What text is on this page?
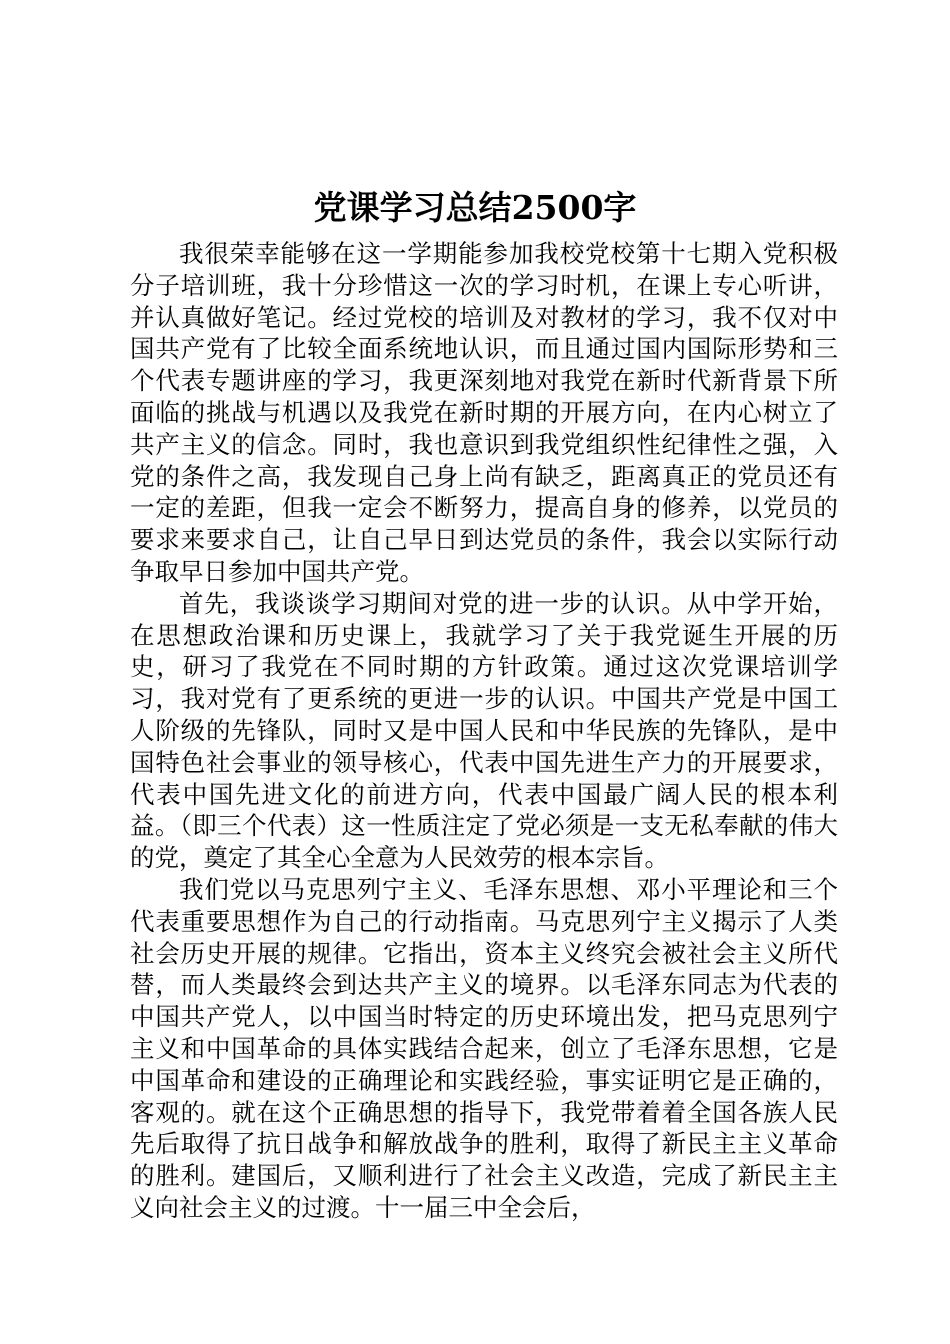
党课学习总结2500字

我很荣幸能够在这一学期能参加我校党校第十七期入党积极分子培训班，我十分珍惜这一次的学习时机，在课上专心听讲，并认真做好笔记。经过党校的培训及对教材的学习，我不仅对中国共产党有了比较全面系统地认识，而且通过国内国际形势和三个代表专题讲座的学习，我更深刻地对我党在新时代新背景下所面临的挑战与机遇以及我党在新时期的开展方向，在内心树立了共产主义的信念。同时，我也意识到我党组织性纪律性之强，入党的条件之高，我发现自己身上尚有缺乏，距离真正的党员还有一定的差距，但我一定会不断努力，提高自身的修养，以党员的要求来要求自己，让自己早日到达党员的条件，我会以实际行动争取早日参加中国共产党。

首先，我谈谈学习期间对党的进一步的认识。从中学开始，在思想政治课和历史课上，我就学习了关于我党诞生开展的历史，研习了我党在不同时期的方针政策。通过这次党课培训学习，我对党有了更系统的更进一步的认识。中国共产党是中国工人阶级的先锋队，同时又是中国人民和中华民族的先锋队，是中国特色社会事业的领导核心，代表中国先进生产力的开展要求，代表中国先进文化的前进方向，代表中国最广阔人民的根本利益。（即三个代表）这一性质注定了党必须是一支无私奉献的伟大的党，奠定了其全心全意为人民效劳的根本宗旨。

我们党以马克思列宁主义、毛泽东思想、邓小平理论和三个代表重要思想作为自己的行动指南。马克思列宁主义揭示了人类社会历史开展的规律。它指出，资本主义终究会被社会主义所代替，而人类最终会到达共产主义的境界。以毛泽东同志为代表的中国共产党人，以中国当时特定的历史环境出发，把马克思列宁主义和中国革命的具体实践结合起来，创立了毛泽东思想，它是中国革命和建设的正确理论和实践经验，事实证明它是正确的，客观的。就在这个正确思想的指导下，我党带着着全国各族人民先后取得了抗日战争和解放战争的胜利，取得了新民主主义革命的胜利。建国后，又顺利进行了社会主义改造，完成了新民主主义向社会主义的过渡。十一届三中全会后，
